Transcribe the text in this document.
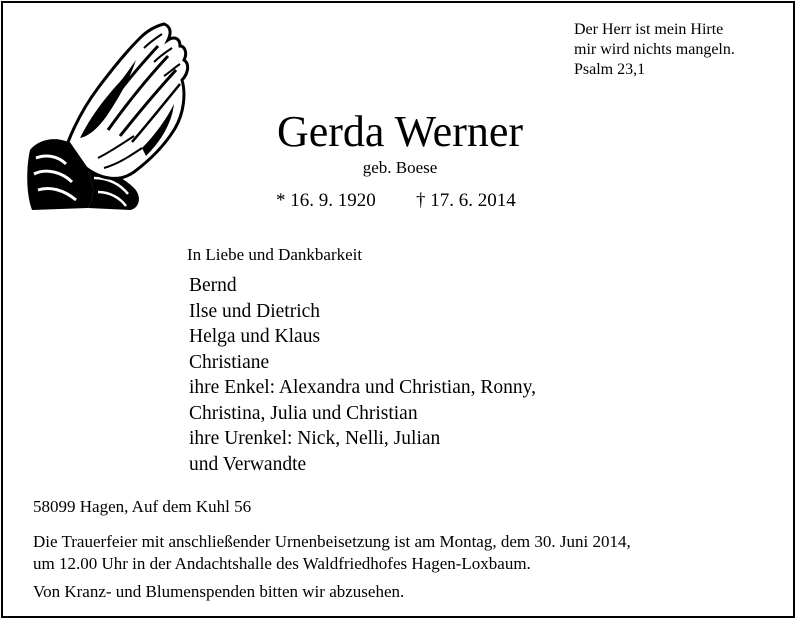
Der Herr ist mein Hirte
mir wird nichts mangeln.
Psalm 23,1
Gerda Werner
geb. Boese
* 16. 9. 1920 † 17. 6. 2014
In Liebe und Dankbarkeit
Bernd
Ilse und Dietrich
Helga und Klaus
Christiane
ihre Enkel: Alexandra und Christian, Ronny,
Christina, Julia und Christian
ihre Urenkel: Nick, Nelli, Julian
und Verwandte
58099 Hagen, Auf dem Kuhl 56
Die Trauerfeier mit anschließender Urnenbeisetzung ist am Montag, dem 30. Juni 2014,
um 12.00 Uhr in der Andachtshalle des Waldfriedhofes Hagen-Loxbaum.
Von Kranz- und Blumenspenden bitten wir abzusehen.
